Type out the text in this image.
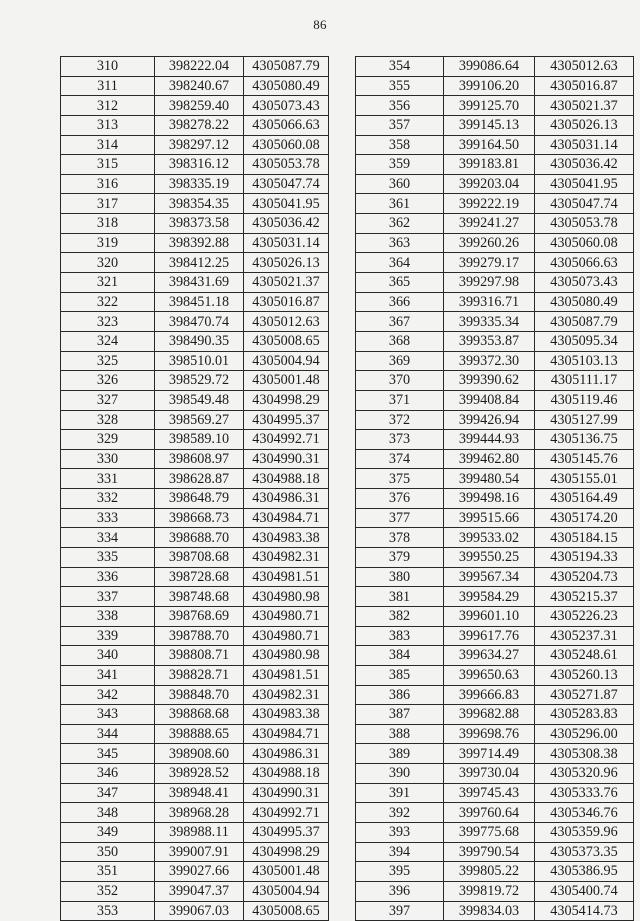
86
310	398222.04	4305087.79
311	398240.67	4305080.49
312	398259.40	4305073.43
313	398278.22	4305066.63
314	398297.12	4305060.08
315	398316.12	4305053.78
316	398335.19	4305047.74
317	398354.35	4305041.95
318	398373.58	4305036.42
319	398392.88	4305031.14
320	398412.25	4305026.13
321	398431.69	4305021.37
322	398451.18	4305016.87
323	398470.74	4305012.63
324	398490.35	4305008.65
325	398510.01	4305004.94
326	398529.72	4305001.48
327	398549.48	4304998.29
328	398569.27	4304995.37
329	398589.10	4304992.71
330	398608.97	4304990.31
331	398628.87	4304988.18
332	398648.79	4304986.31
333	398668.73	4304984.71
334	398688.70	4304983.38
335	398708.68	4304982.31
336	398728.68	4304981.51
337	398748.68	4304980.98
338	398768.69	4304980.71
339	398788.70	4304980.71
340	398808.71	4304980.98
341	398828.71	4304981.51
342	398848.70	4304982.31
343	398868.68	4304983.38
344	398888.65	4304984.71
345	398908.60	4304986.31
346	398928.52	4304988.18
347	398948.41	4304990.31
348	398968.28	4304992.71
349	398988.11	4304995.37
350	399007.91	4304998.29
351	399027.66	4305001.48
352	399047.37	4305004.94
353	399067.03	4305008.65
354	399086.64	4305012.63
355	399106.20	4305016.87
356	399125.70	4305021.37
357	399145.13	4305026.13
358	399164.50	4305031.14
359	399183.81	4305036.42
360	399203.04	4305041.95
361	399222.19	4305047.74
362	399241.27	4305053.78
363	399260.26	4305060.08
364	399279.17	4305066.63
365	399297.98	4305073.43
366	399316.71	4305080.49
367	399335.34	4305087.79
368	399353.87	4305095.34
369	399372.30	4305103.13
370	399390.62	4305111.17
371	399408.84	4305119.46
372	399426.94	4305127.99
373	399444.93	4305136.75
374	399462.80	4305145.76
375	399480.54	4305155.01
376	399498.16	4305164.49
377	399515.66	4305174.20
378	399533.02	4305184.15
379	399550.25	4305194.33
380	399567.34	4305204.73
381	399584.29	4305215.37
382	399601.10	4305226.23
383	399617.76	4305237.31
384	399634.27	4305248.61
385	399650.63	4305260.13
386	399666.83	4305271.87
387	399682.88	4305283.83
388	399698.76	4305296.00
389	399714.49	4305308.38
390	399730.04	4305320.96
391	399745.43	4305333.76
392	399760.64	4305346.76
393	399775.68	4305359.96
394	399790.54	4305373.35
395	399805.22	4305386.95
396	399819.72	4305400.74
397	399834.03	4305414.73
